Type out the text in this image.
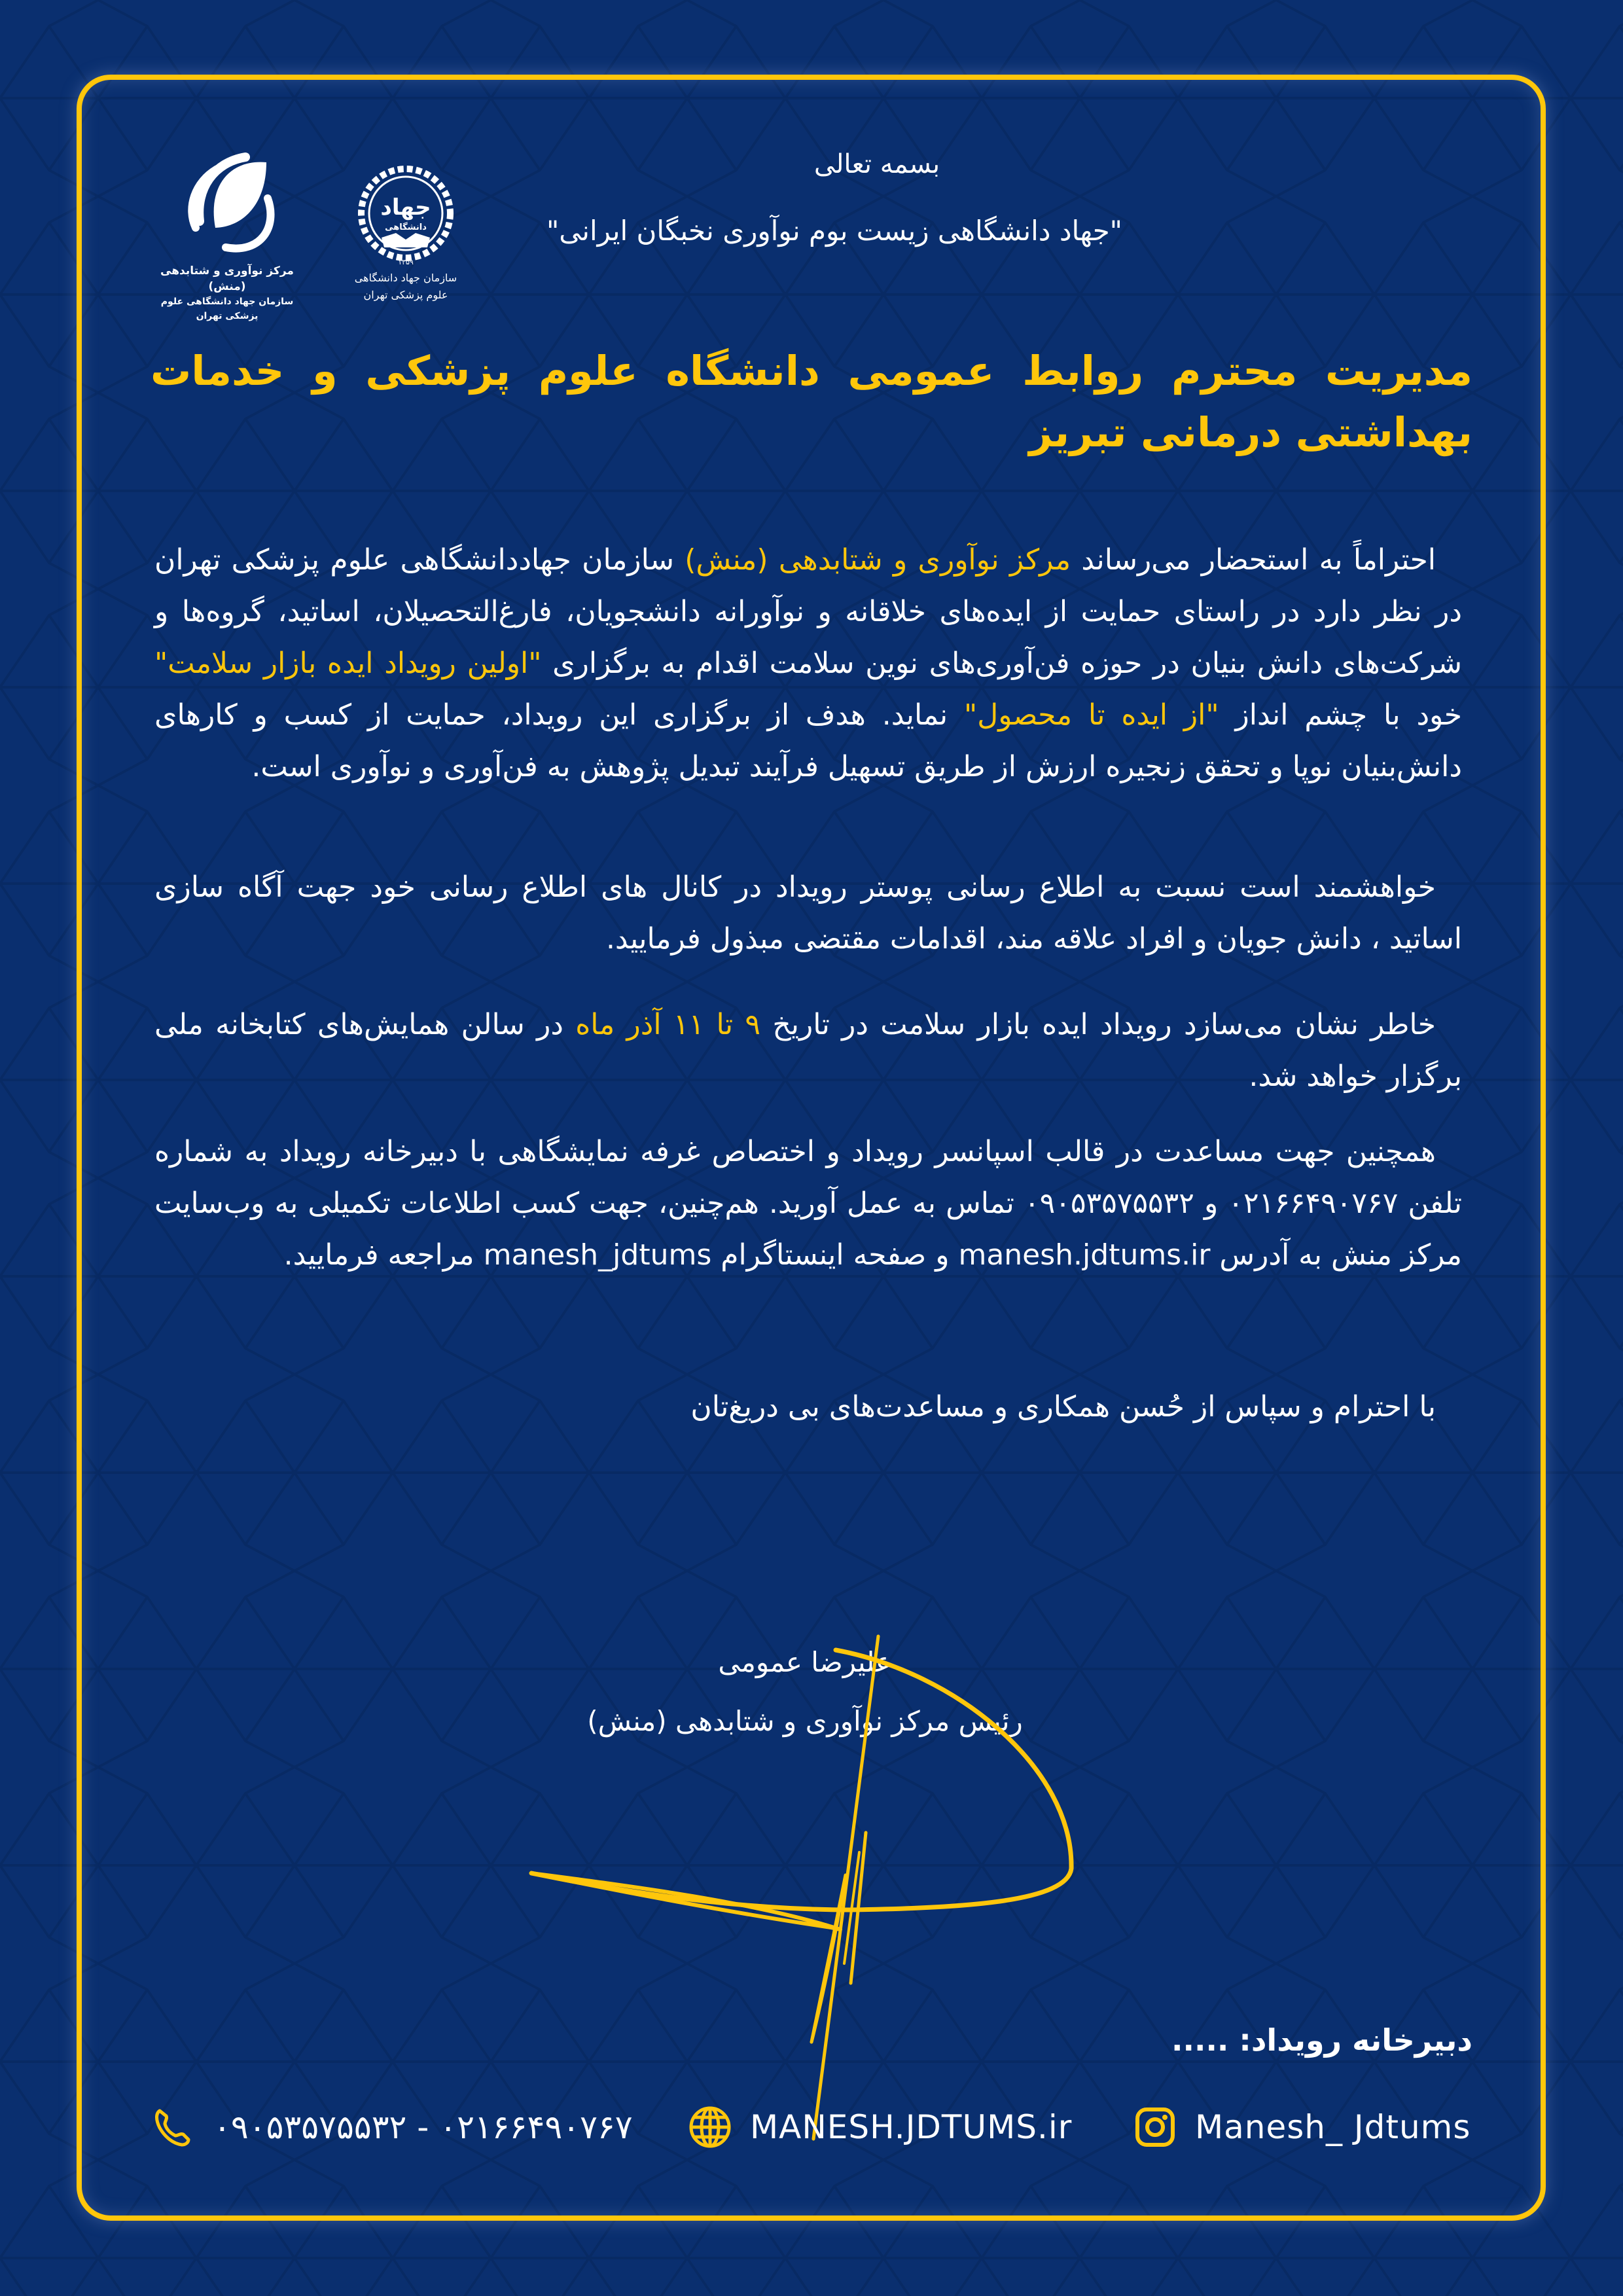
مرکز نوآوری و شتابدهی (منش)
سازمان جهاد دانشگاهی علوم پزشکی تهران
جهاد
دانشگاهی
۱۳۵۹
سازمان جهاد دانشگاهی
علوم پزشکی تهران
بسمه تعالی
"جهاد دانشگاهی زیست بوم نوآوری نخبگان ایرانی"
مدیریت محترم روابط عمومی دانشگاه علوم پزشکی و خدمات بهداشتی درمانی تبریز
احتراماً به استحضار می‌رساند مرکز نوآوری و شتابدهی (منش) سازمان جهاددانشگاهی علوم پزشکی تهران در نظر دارد در راستای حمایت از ایده‌های خلاقانه و نوآورانه دانشجویان، فارغ‌التحصیلان، اساتید، گروه‌ها و شرکت‌های دانش بنیان در حوزه فن‌آوری‌های نوین سلامت اقدام به برگزاری "اولین رویداد ایده بازار سلامت" خود با چشم انداز "از ایده تا محصول" نماید. هدف از برگزاری این رویداد، حمایت از کسب و کارهای دانش‌بنیان نوپا و تحقق زنجیره ارزش از طریق تسهیل فرآیند تبدیل پژوهش به فن‌آوری و نوآوری است.
خواهشمند است نسبت به اطلاع رسانی پوستر رویداد در کانال های اطلاع رسانی خود جهت آگاه سازی اساتید ، دانش جویان و افراد علاقه مند، اقدامات مقتضی مبذول فرمایید.
خاطر نشان می‌سازد رویداد ایده بازار سلامت در تاریخ ۹ تا ۱۱ آذر ماه در سالن همایش‌های کتابخانه ملی برگزار خواهد شد.
همچنین جهت مساعدت در قالب اسپانسر رویداد و اختصاص غرفه نمایشگاهی با دبیرخانه رویداد به شماره تلفن ۰۲۱۶۶۴۹۰۷۶۷ و ۰۹۰۵۳۵۷۵۵۳۲ تماس به عمل آورید. هم‌چنین، جهت کسب اطلاعات تکمیلی به وب‌سایت مرکز منش به آدرس manesh.jdtums.ir و صفحه اینستاگرام manesh_jdtums مراجعه فرمایید.
با احترام و سپاس از حُسن همکاری و مساعدت‌های بی دریغ‌تان
علیرضا عمومی
رئیس مرکز نوآوری و شتابدهی (منش)
دبیرخانه رویداد: .....
۰۹۰۵۳۵۷۵۵۳۲ - ۰۲۱۶۶۴۹۰۷۶۷	MANESH.JDTUMS.ir	Manesh_ Jdtums
